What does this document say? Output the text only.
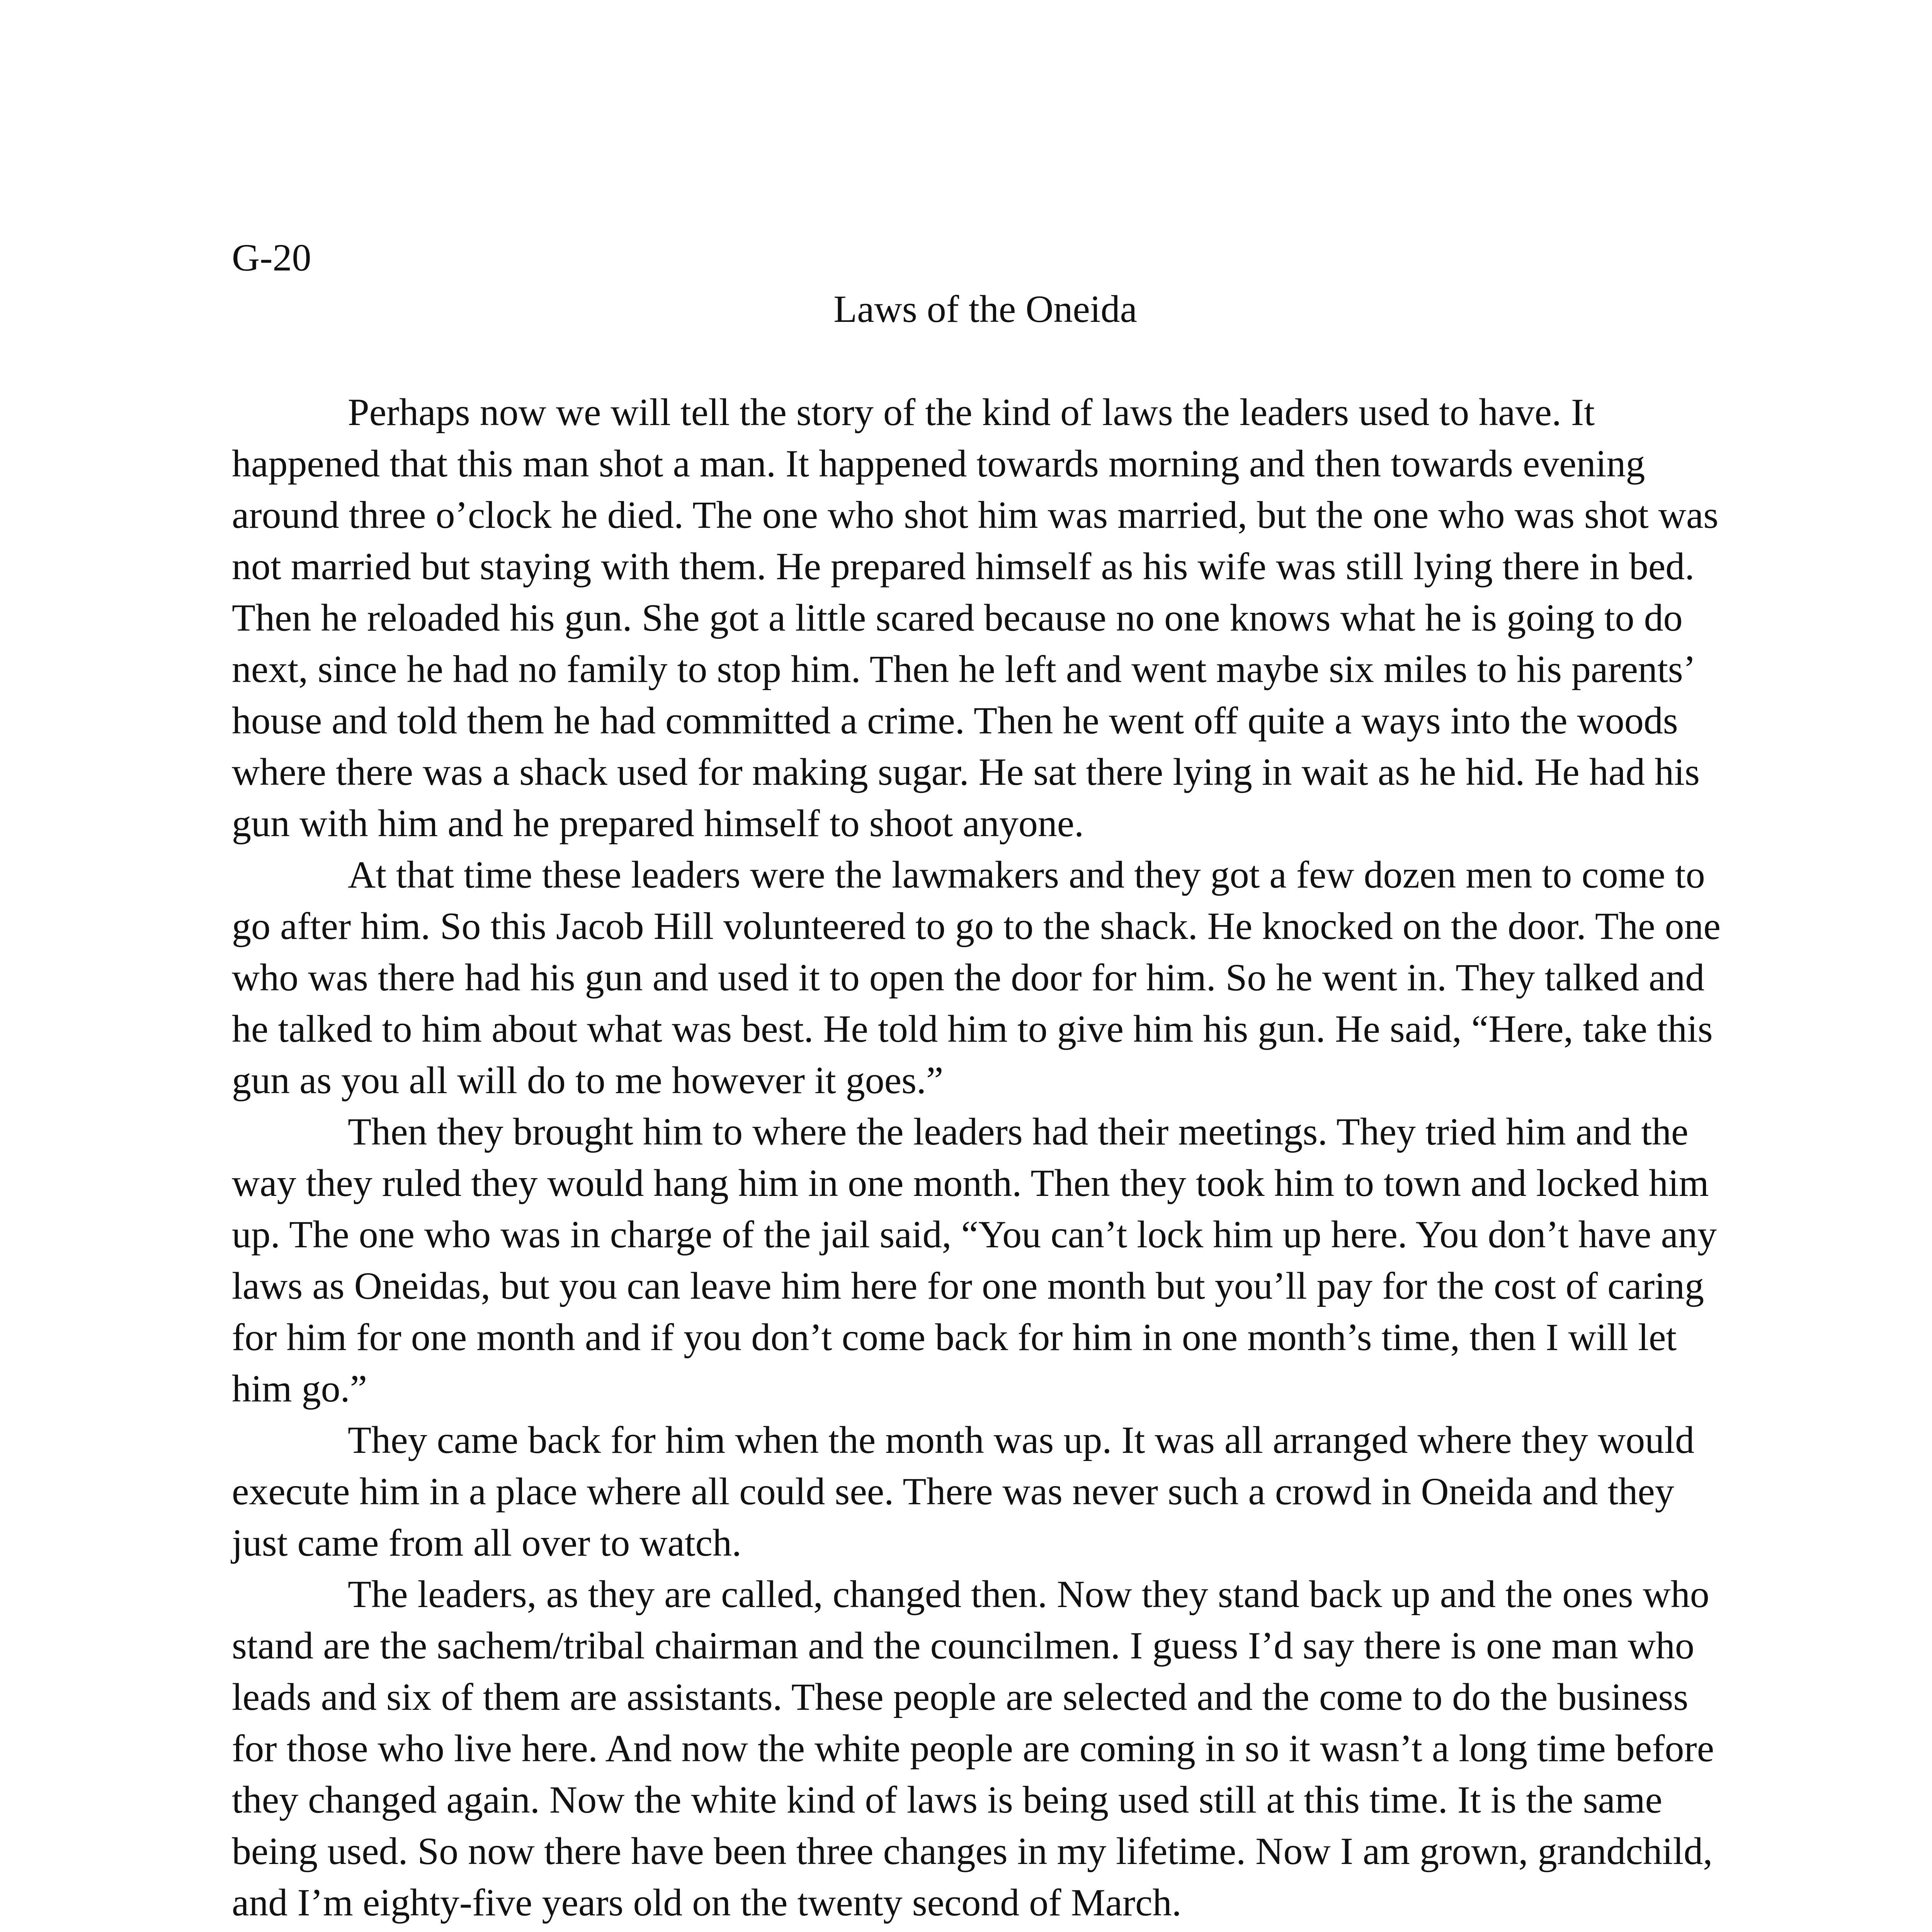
G-20
Laws of the Oneida

Perhaps now we will tell the story of the kind of laws the leaders used to have. It happened that this man shot a man. It happened towards morning and then towards evening around three o’clock he died. The one who shot him was married, but the one who was shot was not married but staying with them. He prepared himself as his wife was still lying there in bed. Then he reloaded his gun. She got a little scared because no one knows what he is going to do next, since he had no family to stop him. Then he left and went maybe six miles to his parents’ house and told them he had committed a crime. Then he went off quite a ways into the woods where there was a shack used for making sugar. He sat there lying in wait as he hid. He had his gun with him and he prepared himself to shoot anyone.

At that time these leaders were the lawmakers and they got a few dozen men to come to go after him. So this Jacob Hill volunteered to go to the shack. He knocked on the door. The one who was there had his gun and used it to open the door for him. So he went in. They talked and he talked to him about what was best. He told him to give him his gun. He said, “Here, take this gun as you all will do to me however it goes.”

Then they brought him to where the leaders had their meetings. They tried him and the way they ruled they would hang him in one month. Then they took him to town and locked him up. The one who was in charge of the jail said, “You can’t lock him up here. You don’t have any laws as Oneidas, but you can leave him here for one month but you’ll pay for the cost of caring for him for one month and if you don’t come back for him in one month’s time, then I will let him go.”

They came back for him when the month was up. It was all arranged where they would execute him in a place where all could see. There was never such a crowd in Oneida and they just came from all over to watch.

The leaders, as they are called, changed then. Now they stand back up and the ones who stand are the sachem/tribal chairman and the councilmen. I guess I’d say there is one man who leads and six of them are assistants. These people are selected and the come to do the business for those who live here. And now the white people are coming in so it wasn’t a long time before they changed again. Now the white kind of laws is being used still at this time. It is the same being used. So now there have been three changes in my lifetime. Now I am grown, grandchild, and I’m eighty-five years old on the twenty second of March.
